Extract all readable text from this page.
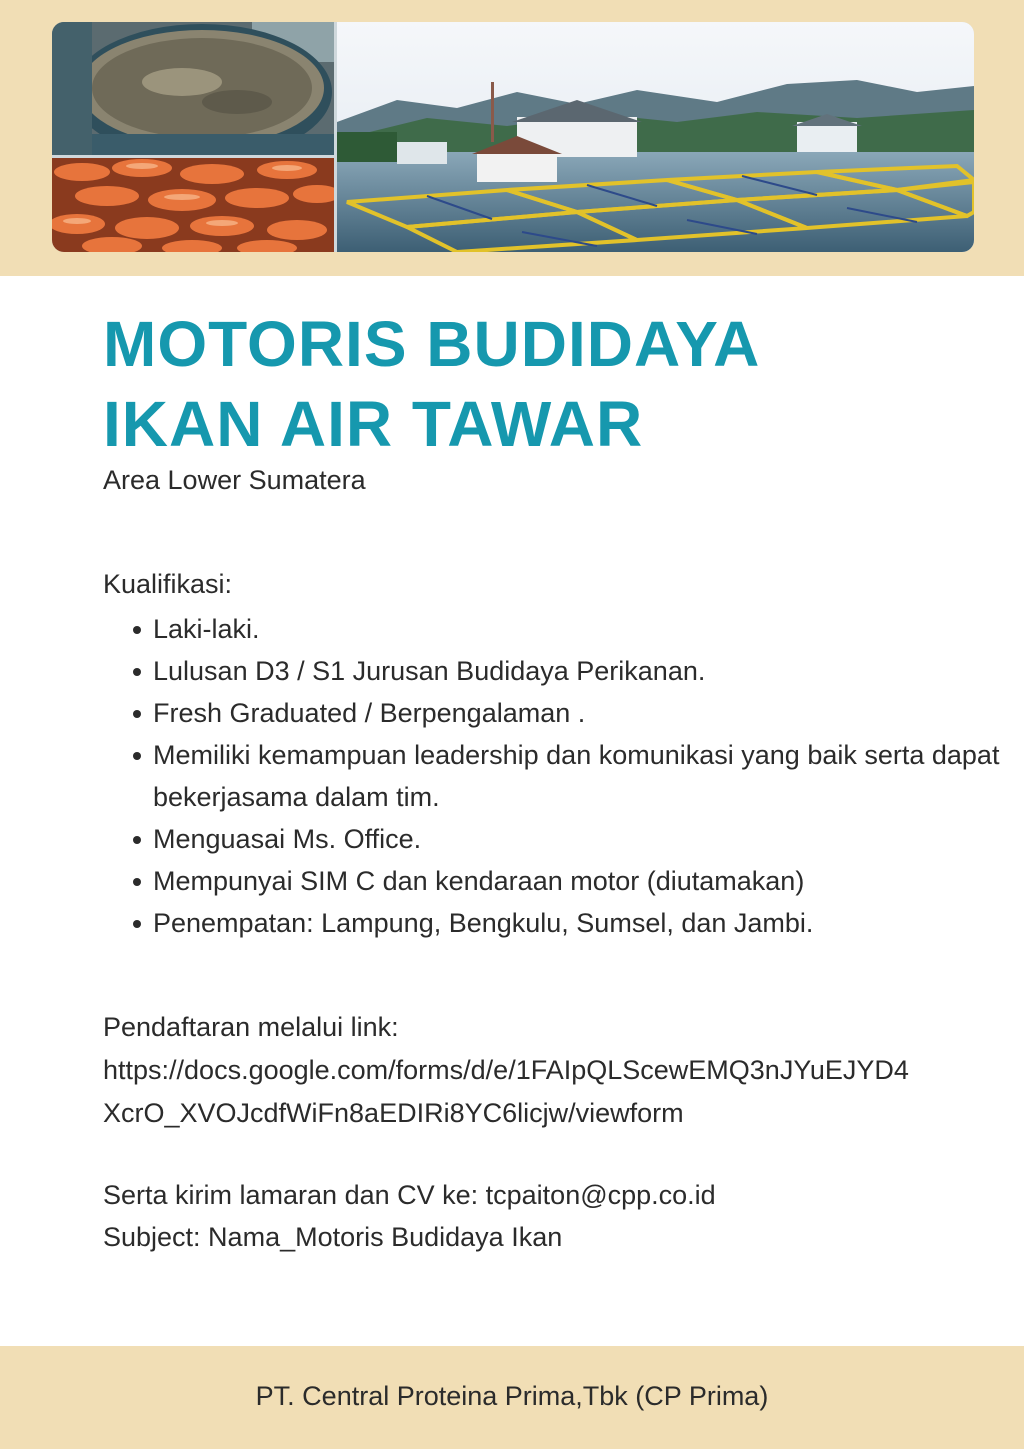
MOTORIS BUDIDAYA
IKAN AIR TAWAR

Area Lower Sumatera

Kualifikasi:

Laki-laki.
Lulusan D3 / S1 Jurusan Budidaya Perikanan.
Fresh Graduated / Berpengalaman .
Memiliki kemampuan leadership dan komunikasi yang baik serta dapat bekerjasama dalam tim.
Menguasai Ms. Office.
Mempunyai SIM C dan kendaraan motor (diutamakan)
Penempatan: Lampung, Bengkulu, Sumsel, dan Jambi.

Pendaftaran melalui link:

https://docs.google.com/forms/d/e/1FAIpQLScewEMQ3nJYuEJYD4XcrO_XVOJcdfWiFn8aEDIRi8YC6licjw/viewform

Serta kirim lamaran dan CV ke: tcpaiton@cpp.co.id

Subject: Nama_Motoris Budidaya Ikan

PT. Central Proteina Prima,Tbk (CP Prima)
